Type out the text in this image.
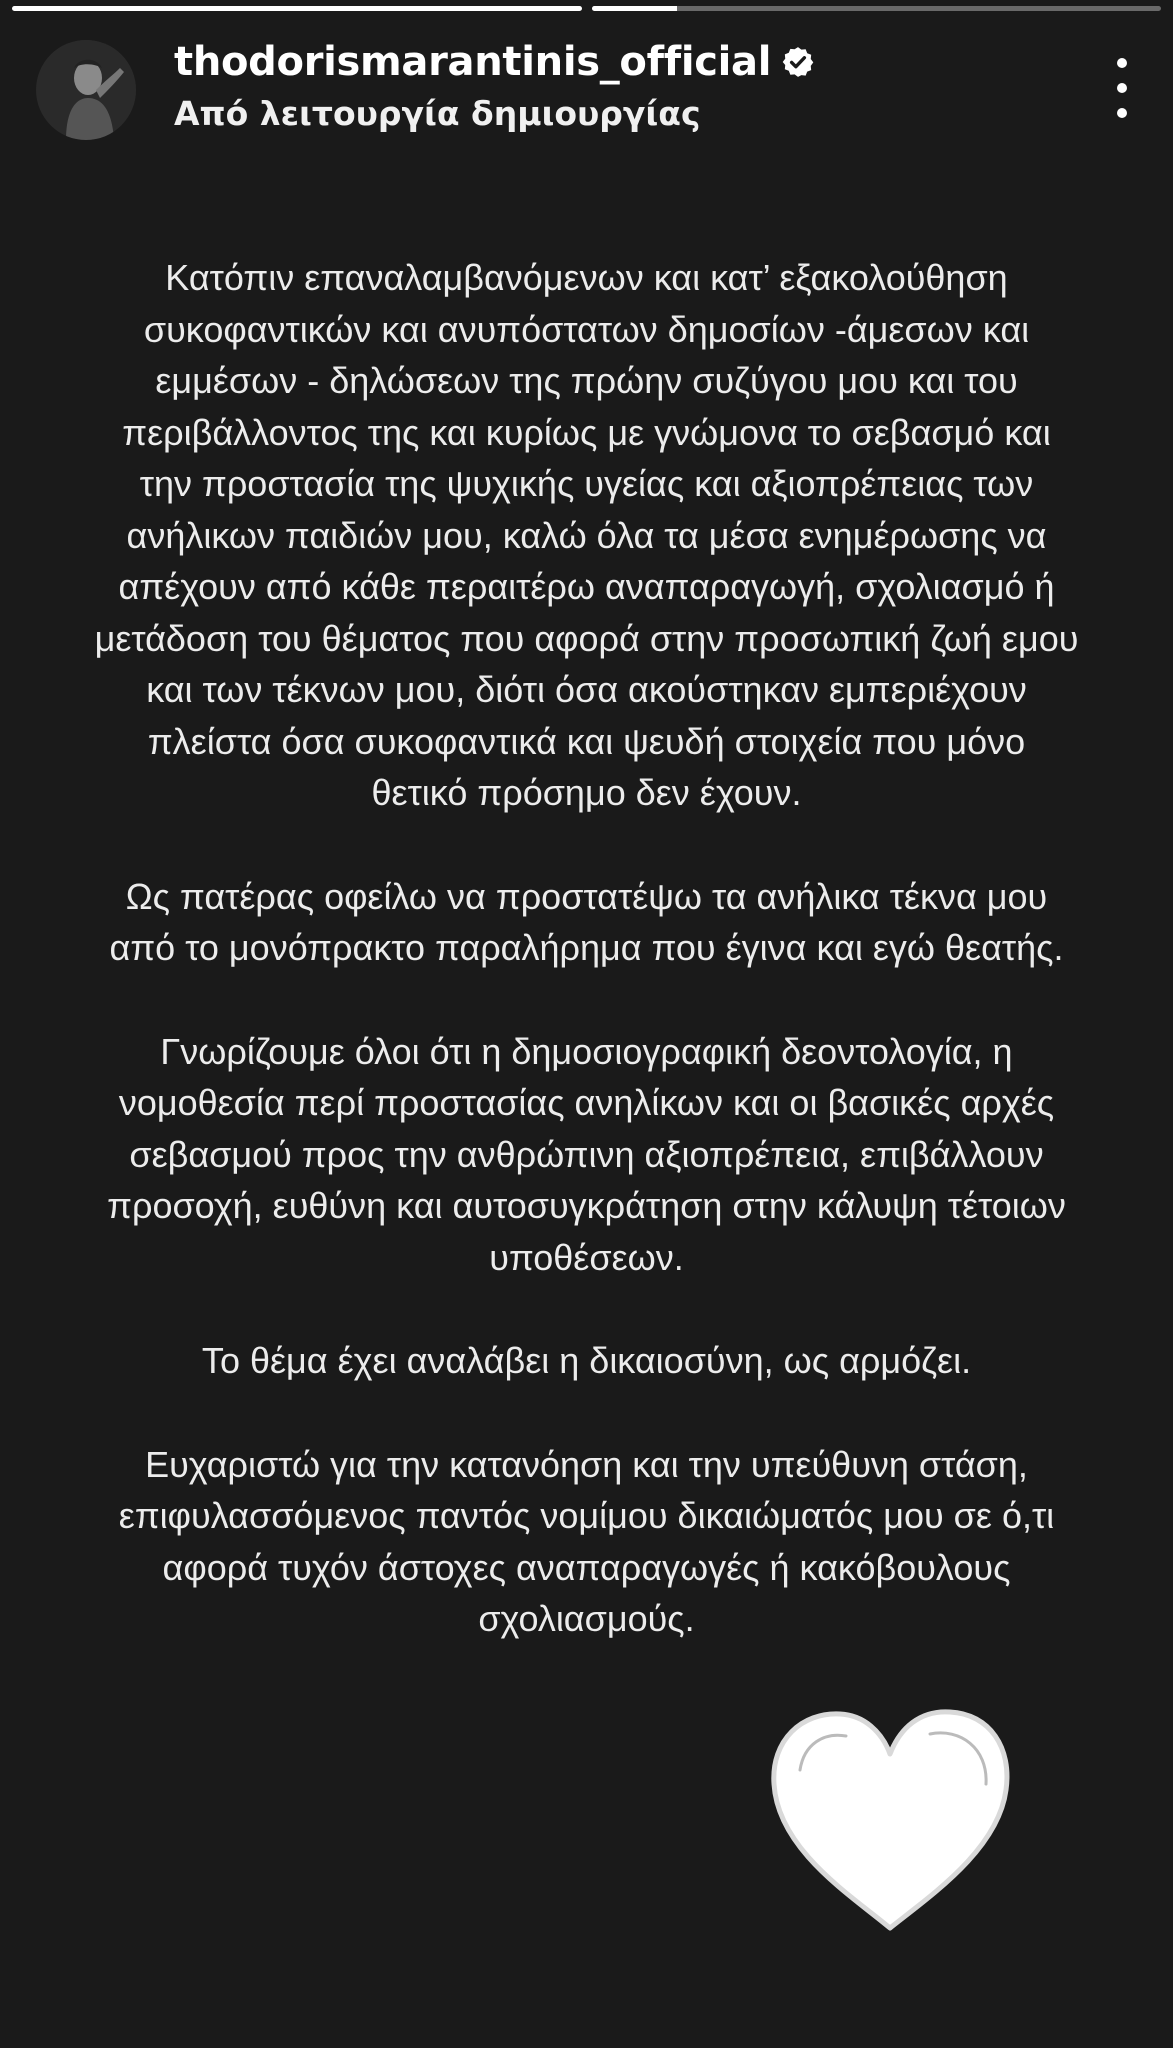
thodorismarantinis_official
Από λειτουργία δημιουργίας

Κατόπιν επαναλαμβανόμενων και κατ’ εξακολούθηση
συκοφαντικών και ανυπόστατων δημοσίων -άμεσων και
εμμέσων - δηλώσεων της πρώην συζύγου μου και του
περιβάλλοντος της και κυρίως με γνώμονα το σεβασμό και
την προστασία της ψυχικής υγείας και αξιοπρέπειας των
ανήλικων παιδιών μου, καλώ όλα τα μέσα ενημέρωσης να
απέχουν από κάθε περαιτέρω αναπαραγωγή, σχολιασμό ή
μετάδοση του θέματος που αφορά στην προσωπική ζωή εμου
και των τέκνων μου, διότι όσα ακούστηκαν εμπεριέχουν
πλείστα όσα συκοφαντικά και ψευδή στοιχεία που μόνο
θετικό πρόσημο δεν έχουν.

Ως πατέρας οφείλω να προστατέψω τα ανήλικα τέκνα μου
από το μονόπρακτο παραλήρημα που έγινα και εγώ θεατής.

Γνωρίζουμε όλοι ότι η δημοσιογραφική δεοντολογία, η
νομοθεσία περί προστασίας ανηλίκων και οι βασικές αρχές
σεβασμού προς την ανθρώπινη αξιοπρέπεια, επιβάλλουν
προσοχή, ευθύνη και αυτοσυγκράτηση στην κάλυψη τέτοιων
υποθέσεων.

Το θέμα έχει αναλάβει η δικαιοσύνη, ως αρμόζει.

Ευχαριστώ για την κατανόηση και την υπεύθυνη στάση,
επιφυλασσόμενος παντός νομίμου δικαιώματός μου σε ό,τι
αφορά τυχόν άστοχες αναπαραγωγές ή κακόβουλους
σχολιασμούς.
